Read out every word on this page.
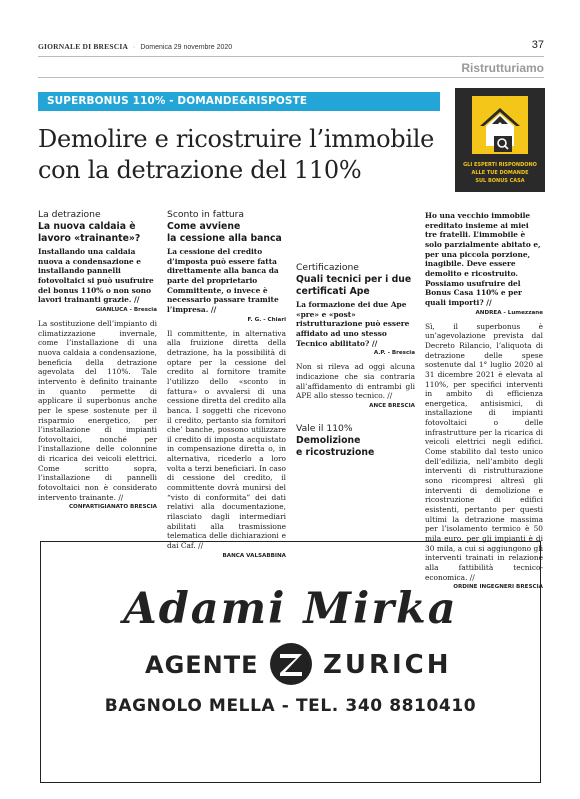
GIORNALE DI BRESCIA · Domenica 29 novembre 2020	37
Ristrutturiamo
SUPERBONUS 110% - DOMANDE&RISPOSTE
GLI ESPERTI RISPONDONO
ALLE TUE DOMANDE
SUL BONUS CASA
Demolire e ricostruire l’immobile
con la detrazione del 110%
La detrazione
La nuova caldaia è
lavoro «trainante»?

Installando una caldaia nuova a condensazione e installando pannelli fotovoltaici si può usufruire del bonus 110% o non sono lavori trainanti grazie. //

GIANLUCA - Brescia

La sostituzione dell’impianto di climatizzazione invernale, come l’installazione di una nuova caldaia a condensazione, beneficia della detrazione agevolata del 110%. Tale intervento è definito trainante in quanto permette di applicare il superbonus anche per le spese sostenute per il risparmio energetico, per l’installazione di impianti fotovoltaici, nonché per l’installazione delle colonnine di ricarica dei veicoli elettrici. Come scritto sopra, l’installazione di pannelli fotovoltaici non è considerato intervento trainante. //

CONFARTIGIANATO BRESCIA
Sconto in fattura
Come avviene
la cessione alla banca

La cessione del credito d’imposta può essere fatta direttamente alla banca da parte del proprietario Committente, o invece è necessario passare tramite l’impresa. //

F. G. - Chiari

Il committente, in alternativa alla fruizione diretta della detrazione, ha la possibilità di optare per la cessione del credito al fornitore tramite l’utilizzo dello «sconto in fattura» o avvalersi di una cessione diretta del credito alla banca. I soggetti che ricevono il credito, pertanto sia fornitori che’ banche, possono utilizzare il credito di imposta acquistato in compensazione diretta o, in alternativa, ricederlo a loro volta a terzi beneficiari. In caso di cessione del credito, il committente dovrà munirsi del “visto di conformita” dei dati relativi alla documentazione, rilasciato dagli intermediari abilitati alla trasmissione telematica delle dichiarazioni e dai Caf. //

BANCA VALSABBINA
Certificazione
Quali tecnici per i due
certificati Ape

La formazione dei due Ape «pre» e «post» ristrutturazione può essere affidato ad uno stesso Tecnico abilitato? //

A.P. - Brescia

Non si rileva ad oggi alcuna indicazione che sia contraria all’affidamento di entrambi gli APE allo stesso tecnico. //

ANCE BRESCIA
Vale il 110%
Demolizione
e ricostruzione

Ho una vecchio immobile ereditato insieme ai miei tre fratelli. L’immobile è solo parzialmente abitato e, per una piccola porzione, inagibile. Deve essere demolito e ricostruito. Possiamo usufruire del Bonus Casa 110% e per quali importi? //

ANDREA - Lumezzane

Sì, il superbonus è un’agevolazione prevista dal Decreto Rilancio, l’aliquota di detrazione delle spese sostenute dal 1° luglio 2020 al 31 dicembre 2021 è elevata al 110%, per specifici interventi in ambito di efficienza energetica, antisismici, di installazione di impianti fotovoltaici o delle infrastrutture per la ricarica di veicoli elettrici negli edifici. Come stabilito dal testo unico dell’edilizia, nell’ambito degli interventi di ristrutturazione sono ricompresi altresì gli interventi di demolizione e ricostruzione di edifici esistenti, pertanto per questi ultimi la detrazione massima per l’isolamento termico è 50 mila euro, per gli impianti è di 30 mila, a cui si aggiungono gli interventi trainati in relazione alla fattibilità tecnico-economica. //

ORDINE INGEGNERI BRESCIA
Adami Mirka
AGENTE ZURICH
BAGNOLO MELLA - TEL. 340 8810410
